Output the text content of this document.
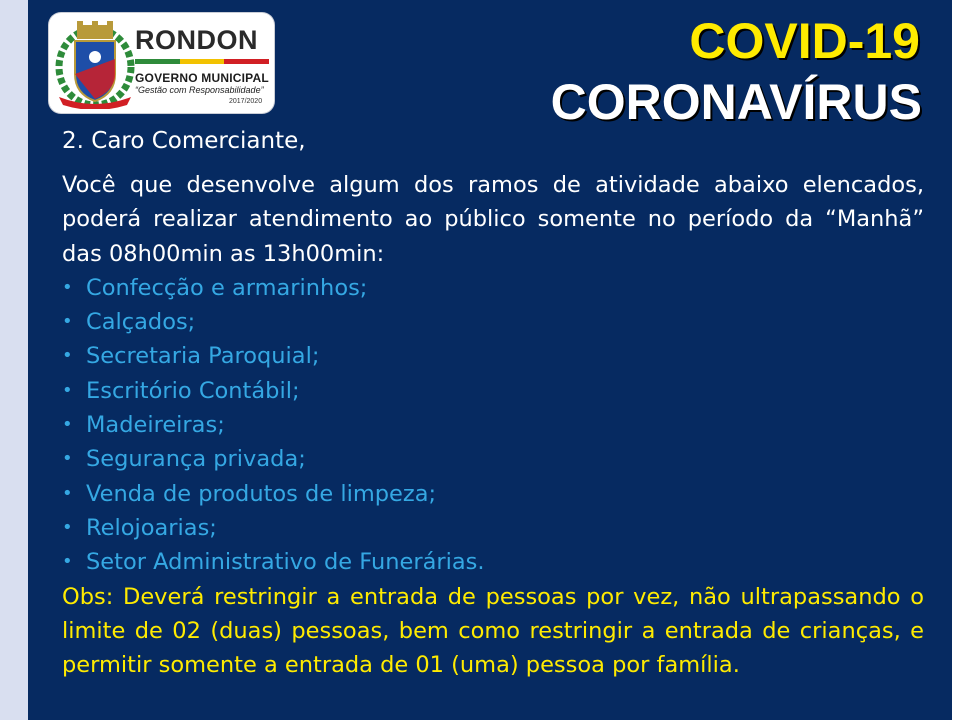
RONDON
GOVERNO MUNICIPAL
“Gestão com Responsabilidade”
2017/2020
COVID-19
CORONAVÍRUS

2. Caro Comerciante,

Você que desenvolve algum dos ramos de atividade abaixo elencados, poderá realizar atendimento ao público somente no período da “Manhã” das 08h00min as 13h00min:

• Confecção e armarinhos;
• Calçados;
• Secretaria Paroquial;
• Escritório Contábil;
• Madeireiras;
• Segurança privada;
• Venda de produtos de limpeza;
• Relojoarias;
• Setor Administrativo de Funerárias.

Obs: Deverá restringir a entrada de pessoas por vez, não ultrapassando o limite de 02 (duas) pessoas, bem como restringir a entrada de crianças, e permitir somente a entrada de 01 (uma) pessoa por família.
